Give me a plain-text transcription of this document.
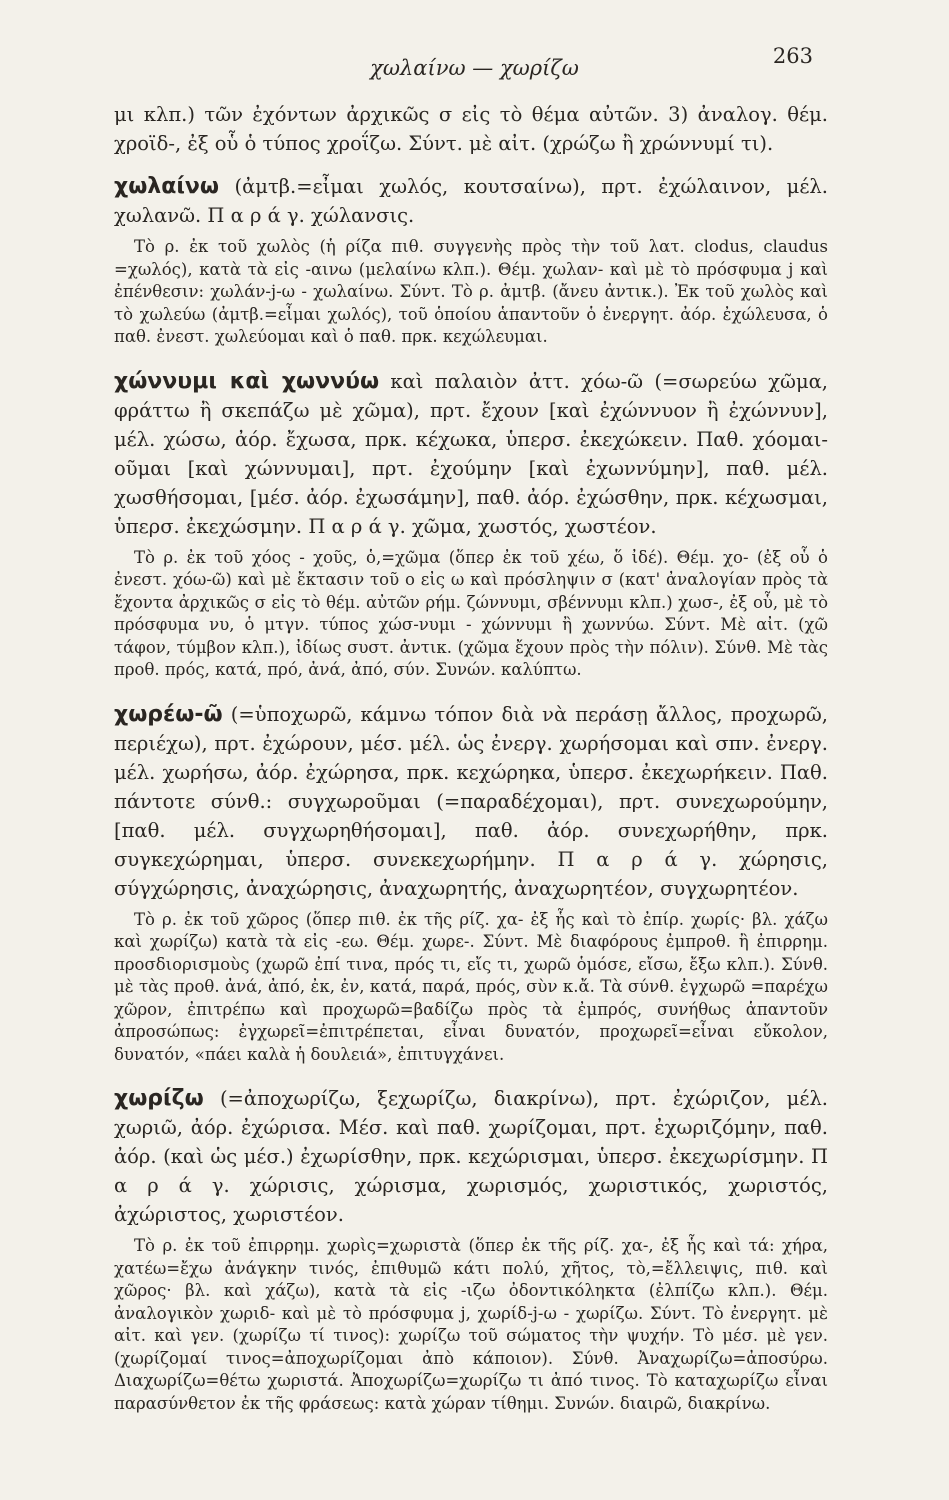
χωλαίνω — χωρίζω	263

μι κλπ.) τῶν ἐχόντων ἀρχικῶς σ εἰς τὸ θέμα αὐτῶν. 3) ἀναλογ. θέμ. χροϊδ-, ἐξ οὗ ὁ τύπος χροΐζω. Σύντ. μὲ αἰτ. (χρώζω ἢ χρώννυμί τι).

χωλαίνω (ἀμτβ.=εἶμαι χωλός, κουτσαίνω), πρτ. ἐχώλαινον, μέλ. χωλανῶ. Π α ρ ά γ. χώλανσις.

Τὸ ρ. ἐκ τοῦ χωλὸς (ἡ ρίζα πιθ. συγγενὴς πρὸς τὴν τοῦ λατ. clodus, claudus =χωλός), κατὰ τὰ εἰς -αινω (μελαίνω κλπ.). Θέμ. χωλαν- καὶ μὲ τὸ πρόσφυμα j καὶ ἐπένθεσιν: χωλάν-j-ω - χωλαίνω. Σύντ. Τὸ ρ. ἀμτβ. (ἄνευ ἀντικ.). Ἐκ τοῦ χωλὸς καὶ τὸ χωλεύω (ἀμτβ.=εἶμαι χωλός), τοῦ ὁποίου ἁπαντοῦν ὁ ἐνεργητ. ἀόρ. ἐχώλευσα, ὁ παθ. ἐνεστ. χωλεύομαι καὶ ὁ παθ. πρκ. κεχώλευμαι.

χώννυμι καὶ χωννύω καὶ παλαιὸν ἀττ. χόω-ῶ (=σωρεύω χῶμα, φράττω ἢ σκεπάζω μὲ χῶμα), πρτ. ἔχουν [καὶ ἐχώννυον ἢ ἐχώννυν], μέλ. χώσω, ἀόρ. ἔχωσα, πρκ. κέχωκα, ὑπερσ. ἐκεχώκειν. Παθ. χόομαι-οῦμαι [καὶ χώννυμαι], πρτ. ἐχούμην [καὶ ἐχωννύμην], παθ. μέλ. χωσθήσομαι, [μέσ. ἀόρ. ἐχωσάμην], παθ. ἀόρ. ἐχώσθην, πρκ. κέχωσμαι, ὑπερσ. ἐκεχώσμην. Π α ρ ά γ. χῶμα, χωστός, χωστέον.

Τὸ ρ. ἐκ τοῦ χόος - χοῦς, ὁ,=χῶμα (ὅπερ ἐκ τοῦ χέω, ὅ ἰδέ). Θέμ. χο- (ἐξ οὗ ὁ ἐνεστ. χόω-ῶ) καὶ μὲ ἔκτασιν τοῦ ο εἰς ω καὶ πρόσληψιν σ (κατ' ἀναλογίαν πρὸς τὰ ἔχοντα ἀρχικῶς σ εἰς τὸ θέμ. αὐτῶν ρήμ. ζώννυμι, σβέννυμι κλπ.) χωσ-, ἐξ οὗ, μὲ τὸ πρόσφυμα νυ, ὁ μτγν. τύπος χώσ-νυμι - χώννυμι ἢ χωννύω. Σύντ. Μὲ αἰτ. (χῶ τάφον, τύμβον κλπ.), ἰδίως συστ. ἀντικ. (χῶμα ἔχουν πρὸς τὴν πόλιν). Σύνθ. Μὲ τὰς προθ. πρός, κατά, πρό, ἀνά, ἀπό, σύν. Συνών. καλύπτω.

χωρέω-ῶ (=ὑποχωρῶ, κάμνω τόπον διὰ νὰ περάσῃ ἄλλος, προχωρῶ, περιέχω), πρτ. ἐχώρουν, μέσ. μέλ. ὡς ἐνεργ. χωρήσομαι καὶ σπν. ἐνεργ. μέλ. χωρήσω, ἀόρ. ἐχώρησα, πρκ. κεχώρηκα, ὑπερσ. ἐκεχωρήκειν. Παθ. πάντοτε σύνθ.: συγχωροῦμαι (=παραδέχομαι), πρτ. συνεχωρούμην, [παθ. μέλ. συγχωρηθήσομαι], παθ. ἀόρ. συνεχωρήθην, πρκ. συγκεχώρημαι, ὑπερσ. συνεκεχωρήμην. Π α ρ ά γ. χώρησις, σύγχώρησις, ἀναχώρησις, ἀναχωρητής, ἀναχωρητέον, συγχωρητέον.

Τὸ ρ. ἐκ τοῦ χῶρος (ὅπερ πιθ. ἐκ τῆς ρίζ. χα- ἐξ ἧς καὶ τὸ ἐπίρ. χωρίς· βλ. χάζω καὶ χωρίζω) κατὰ τὰ εἰς -εω. Θέμ. χωρε-. Σύντ. Μὲ διαφόρους ἐμπροθ. ἢ ἐπιρρημ. προσδιορισμοὺς (χωρῶ ἐπί τινα, πρός τι, εἴς τι, χωρῶ ὁμόσε, εἴσω, ἔξω κλπ.). Σύνθ. μὲ τὰς προθ. ἀνά, ἀπό, ἐκ, ἐν, κατά, παρά, πρός, σὺν κ.ἄ. Τὰ σύνθ. ἐγχωρῶ =παρέχω χῶρον, ἐπιτρέπω καὶ προχωρῶ=βαδίζω πρὸς τὰ ἐμπρός, συνήθως ἁπαντοῦν ἀπροσώπως: ἐγχωρεῖ=ἐπιτρέπεται, εἶναι δυνατόν, προχωρεῖ=εἶναι εὔκολον, δυνατόν, «πάει καλὰ ἡ δουλειά», ἐπιτυγχάνει.

χωρίζω (=ἀποχωρίζω, ξεχωρίζω, διακρίνω), πρτ. ἐχώριζον, μέλ. χωριῶ, ἀόρ. ἐχώρισα. Μέσ. καὶ παθ. χωρίζομαι, πρτ. ἐχωριζόμην, παθ. ἀόρ. (καὶ ὡς μέσ.) ἐχωρίσθην, πρκ. κεχώρισμαι, ὑπερσ. ἐκεχωρίσμην. Π α ρ ά γ. χώρισις, χώρισμα, χωρισμός, χωριστικός, χωριστός, ἀχώριστος, χωριστέον.

Τὸ ρ. ἐκ τοῦ ἐπιρρημ. χωρὶς=χωριστὰ (ὅπερ ἐκ τῆς ρίζ. χα-, ἐξ ἧς καὶ τά: χήρα, χατέω=ἔχω ἀνάγκην τινός, ἐπιθυμῶ κάτι πολύ, χῆτος, τὸ,=ἔλλειψις, πιθ. καὶ χῶρος· βλ. καὶ χάζω), κατὰ τὰ εἰς -ιζω ὀδοντικόληκτα (ἐλπίζω κλπ.). Θέμ. ἀναλογικὸν χωριδ- καὶ μὲ τὸ πρόσφυμα j, χωρίδ-j-ω - χωρίζω. Σύντ. Τὸ ἐνεργητ. μὲ αἰτ. καὶ γεν. (χωρίζω τί τινος): χωρίζω τοῦ σώματος τὴν ψυχήν. Τὸ μέσ. μὲ γεν. (χωρίζομαί τινος=ἀποχωρίζομαι ἀπὸ κάποιον). Σύνθ. Ἀναχωρίζω=ἀποσύρω. Διαχωρίζω=θέτω χωριστά. Ἀποχωρίζω=χωρίζω τι ἀπό τινος. Τὸ καταχωρίζω εἶναι παρασύνθετον ἐκ τῆς φράσεως: κατὰ χώραν τίθημι. Συνών. διαιρῶ, διακρίνω.
